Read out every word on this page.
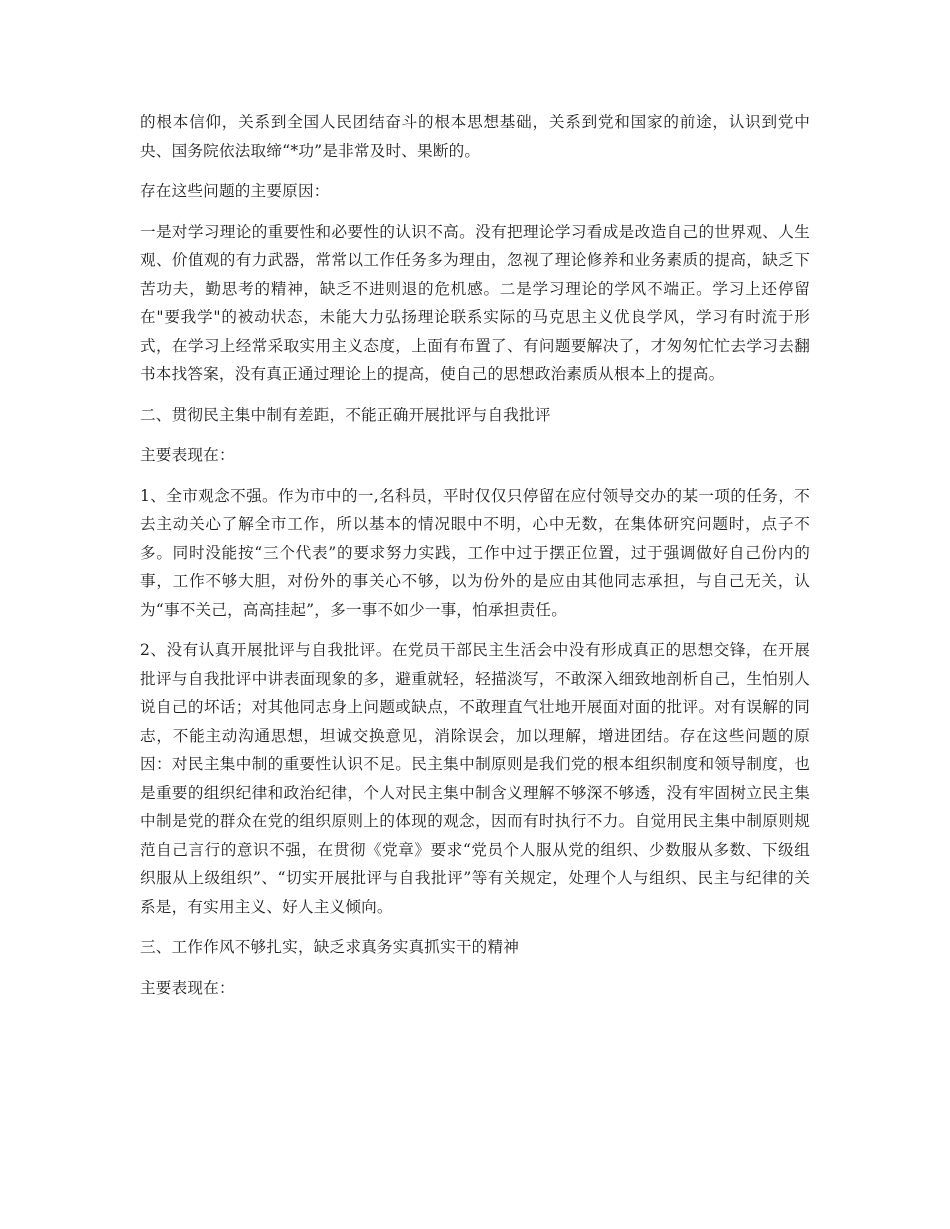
的根本信仰，关系到全国人民团结奋斗的根本思想基础，关系到党和国家的前途，认识到党中央、国务院依法取缔“*功”是非常及时、果断的。

存在这些问题的主要原因：

一是对学习理论的重要性和必要性的认识不高。没有把理论学习看成是改造自己的世界观、人生观、价值观的有力武器，常常以工作任务多为理由，忽视了理论修养和业务素质的提高，缺乏下苦功夫，勤思考的精神，缺乏不进则退的危机感。二是学习理论的学风不端正。学习上还停留在"要我学"的被动状态，未能大力弘扬理论联系实际的马克思主义优良学风，学习有时流于形式，在学习上经常采取实用主义态度，上面有布置了、有问题要解决了，才匆匆忙忙去学习去翻书本找答案，没有真正通过理论上的提高，使自己的思想政治素质从根本上的提高。

二、贯彻民主集中制有差距，不能正确开展批评与自我批评

主要表现在：

1、全市观念不强。作为市中的一,名科员，平时仅仅只停留在应付领导交办的某一项的任务，不去主动关心了解全市工作，所以基本的情况眼中不明，心中无数，在集体研究问题时，点子不多。同时没能按“三个代表”的要求努力实践，工作中过于摆正位置，过于强调做好自己份内的事，工作不够大胆，对份外的事关心不够，以为份外的是应由其他同志承担，与自己无关，认为“事不关己，高高挂起”，多一事不如少一事，怕承担责任。

2、没有认真开展批评与自我批评。在党员干部民主生活会中没有形成真正的思想交锋，在开展批评与自我批评中讲表面现象的多，避重就轻，轻描淡写，不敢深入细致地剖析自己，生怕别人说自己的坏话；对其他同志身上问题或缺点，不敢理直气壮地开展面对面的批评。对有误解的同志，不能主动沟通思想，坦诚交换意见，消除误会，加以理解，增进团结。存在这些问题的原因：对民主集中制的重要性认识不足。民主集中制原则是我们党的根本组织制度和领导制度，也是重要的组织纪律和政治纪律，个人对民主集中制含义理解不够深不够透，没有牢固树立民主集中制是党的群众在党的组织原则上的体现的观念，因而有时执行不力。自觉用民主集中制原则规范自己言行的意识不强，在贯彻《党章》要求“党员个人服从党的组织、少数服从多数、下级组织服从上级组织”、“切实开展批评与自我批评”等有关规定，处理个人与组织、民主与纪律的关系是，有实用主义、好人主义倾向。

三、工作作风不够扎实，缺乏求真务实真抓实干的精神

主要表现在：
